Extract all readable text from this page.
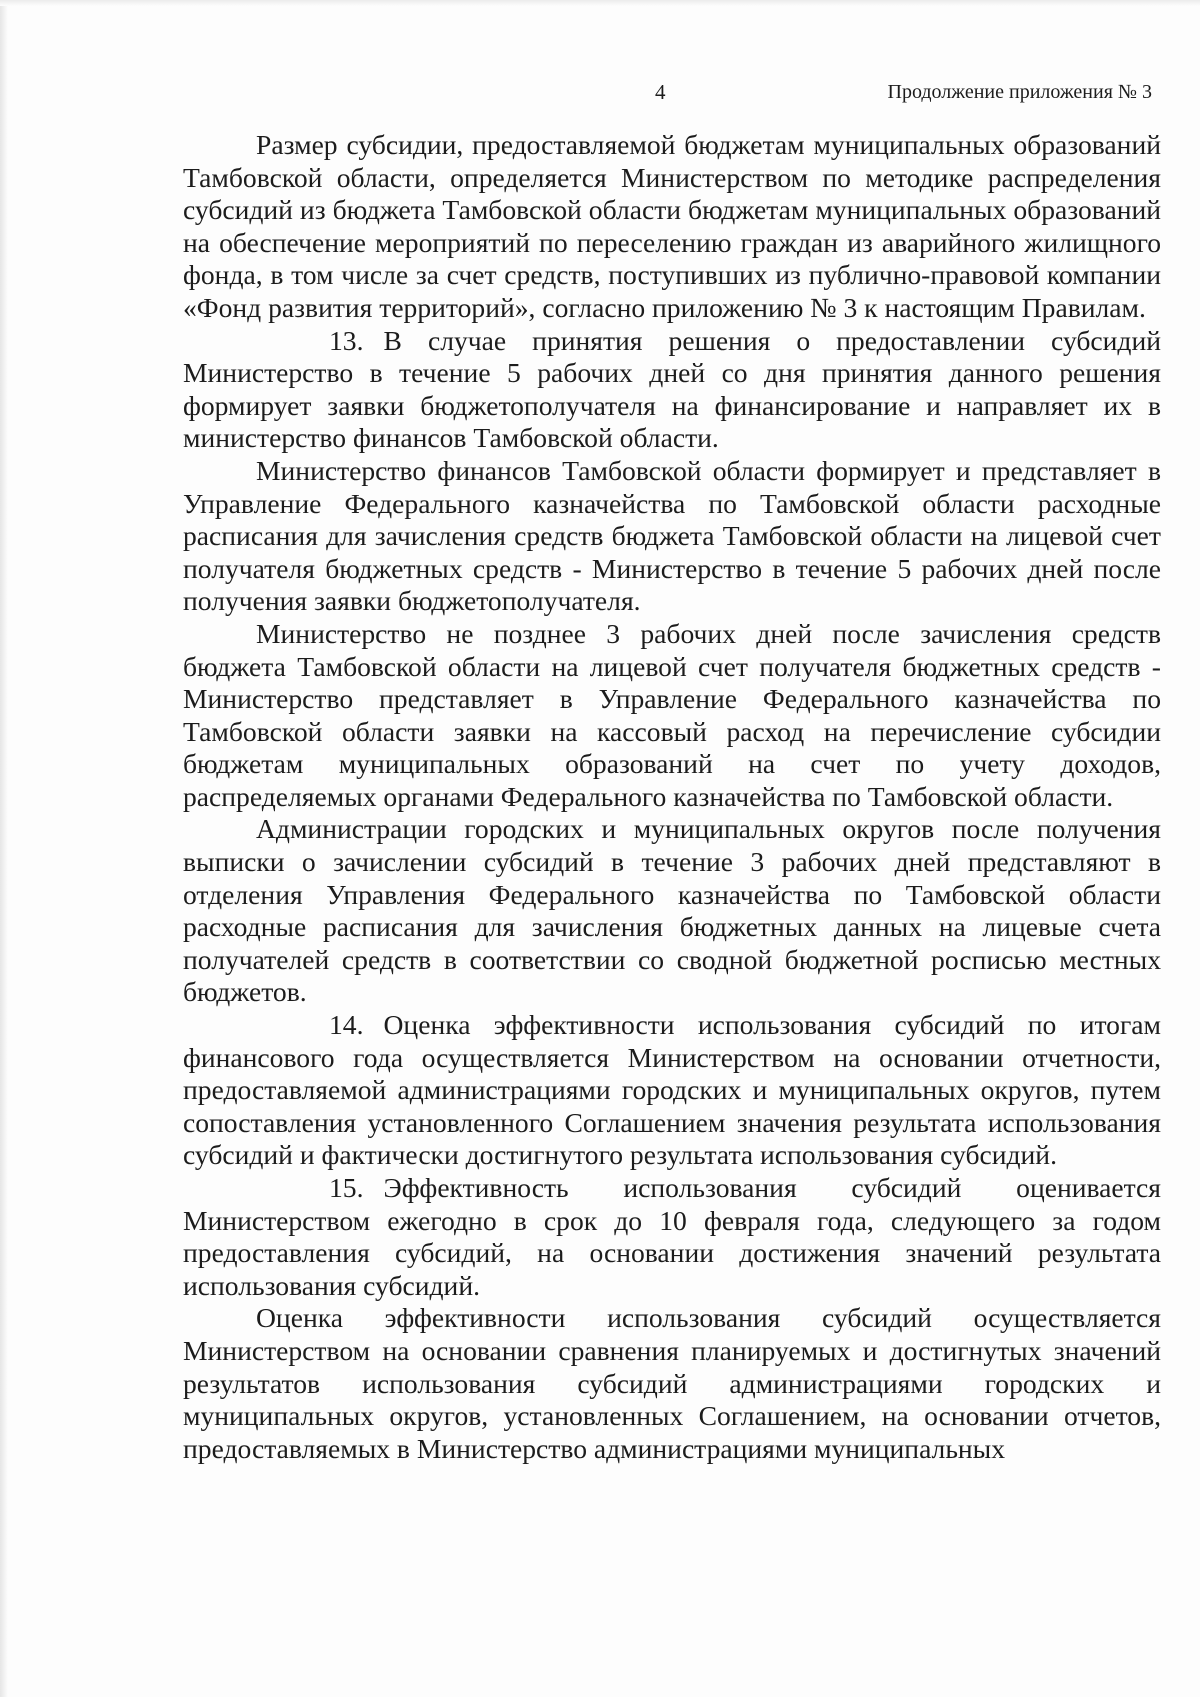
4	Продолжение приложения № 3

Размер субсидии, предоставляемой бюджетам муниципальных образований Тамбовской области, определяется Министерством по методике распределения субсидий из бюджета Тамбовской области бюджетам муниципальных образований на обеспечение мероприятий по переселению граждан из аварийного жилищного фонда, в том числе за счет средств, поступивших из публично-правовой компании «Фонд развития территорий», согласно приложению № 3 к настоящим Правилам.

13. В случае принятия решения о предоставлении субсидий Министерство в течение 5 рабочих дней со дня принятия данного решения формирует заявки бюджетополучателя на финансирование и направляет их в министерство финансов Тамбовской области.

Министерство финансов Тамбовской области формирует и представляет в Управление Федерального казначейства по Тамбовской области расходные расписания для зачисления средств бюджета Тамбовской области на лицевой счет получателя бюджетных средств - Министерство в течение 5 рабочих дней после получения заявки бюджетополучателя.

Министерство не позднее 3 рабочих дней после зачисления средств бюджета Тамбовской области на лицевой счет получателя бюджетных средств - Министерство представляет в Управление Федерального казначейства по Тамбовской области заявки на кассовый расход на перечисление субсидии бюджетам муниципальных образований на счет по учету доходов, распределяемых органами Федерального казначейства по Тамбовской области.

Администрации городских и муниципальных округов после получения выписки о зачислении субсидий в течение 3 рабочих дней представляют в отделения Управления Федерального казначейства по Тамбовской области расходные расписания для зачисления бюджетных данных на лицевые счета получателей средств в соответствии со сводной бюджетной росписью местных бюджетов.

14. Оценка эффективности использования субсидий по итогам финансового года осуществляется Министерством на основании отчетности, предоставляемой администрациями городских и муниципальных округов, путем сопоставления установленного Соглашением значения результата использования субсидий и фактически достигнутого результата использования субсидий.

15. Эффективность использования субсидий оценивается Министерством ежегодно в срок до 10 февраля года, следующего за годом предоставления субсидий, на основании достижения значений результата использования субсидий.

Оценка эффективности использования субсидий осуществляется Министерством на основании сравнения планируемых и достигнутых значений результатов использования субсидий администрациями городских и муниципальных округов, установленных Соглашением, на основании отчетов, предоставляемых в Министерство администрациями муниципальных
